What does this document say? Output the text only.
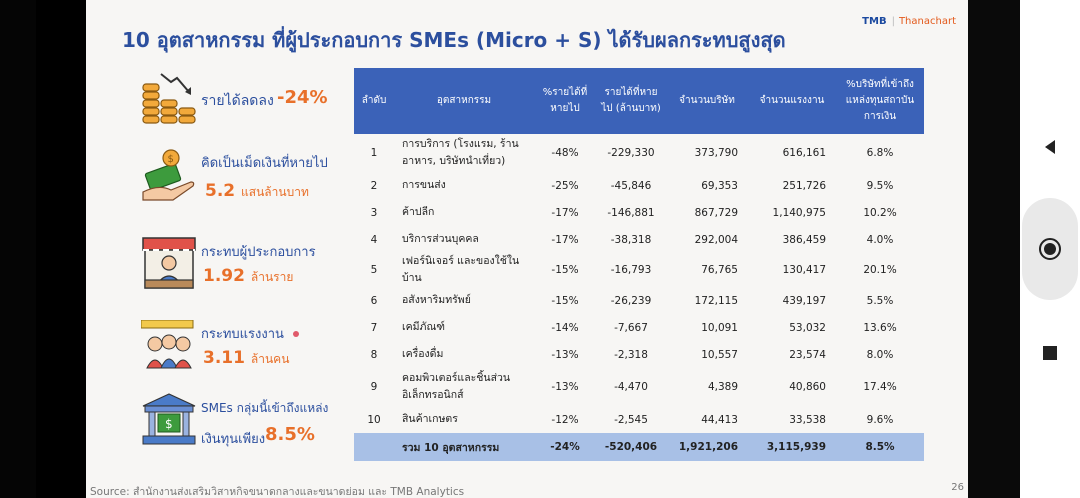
10 อุตสาหกรรม ที่ผู้ประกอบการ SMEs (Micro + S) ได้รับผลกระทบสูงสุด
TMB | Thanachart
รายได้ลดลง -24%
$ คิดเป็นเม็ดเงินที่หายไป
5.2 แสนล้านบาท
กระทบผู้ประกอบการ
1.92 ล้านราย
กระทบแรงงาน
3.11 ล้านคน
$
SMEs กลุ่มนี้เข้าถึงแหล่ง
เงินทุนเพียง 8.5%
ลำดับ	อุตสาหกรรม	%รายได้ที่หายไป	รายได้ที่หายไป (ล้านบาท)	จำนวนบริษัท	จำนวนแรงงาน	%บริษัทที่เข้าถึงแหล่งทุนสถาบันการเงิน
1	การบริการ (โรงแรม, ร้านอาหาร, บริษัทนำเที่ยว)	-48%	-229,330	373,790	616,161	6.8%
2	การขนส่ง	-25%	-45,846	69,353	251,726	9.5%
3	ค้าปลีก	-17%	-146,881	867,729	1,140,975	10.2%
4	บริการส่วนบุคคล	-17%	-38,318	292,004	386,459	4.0%
5	เฟอร์นิเจอร์ และของใช้ในบ้าน	-15%	-16,793	76,765	130,417	20.1%
6	อสังหาริมทรัพย์	-15%	-26,239	172,115	439,197	5.5%
7	เคมีภัณฑ์	-14%	-7,667	10,091	53,032	13.6%
8	เครื่องดื่ม	-13%	-2,318	10,557	23,574	8.0%
9	คอมพิวเตอร์และชิ้นส่วน อิเล็กทรอนิกส์	-13%	-4,470	4,389	40,860	17.4%
10	สินค้าเกษตร	-12%	-2,545	44,413	33,538	9.6%
	รวม 10 อุตสาหกรรม	-24%	-520,406	1,921,206	3,115,939	8.5%
Source: สำนักงานส่งเสริมวิสาหกิจขนาดกลางและขนาดย่อม และ TMB Analytics	26
